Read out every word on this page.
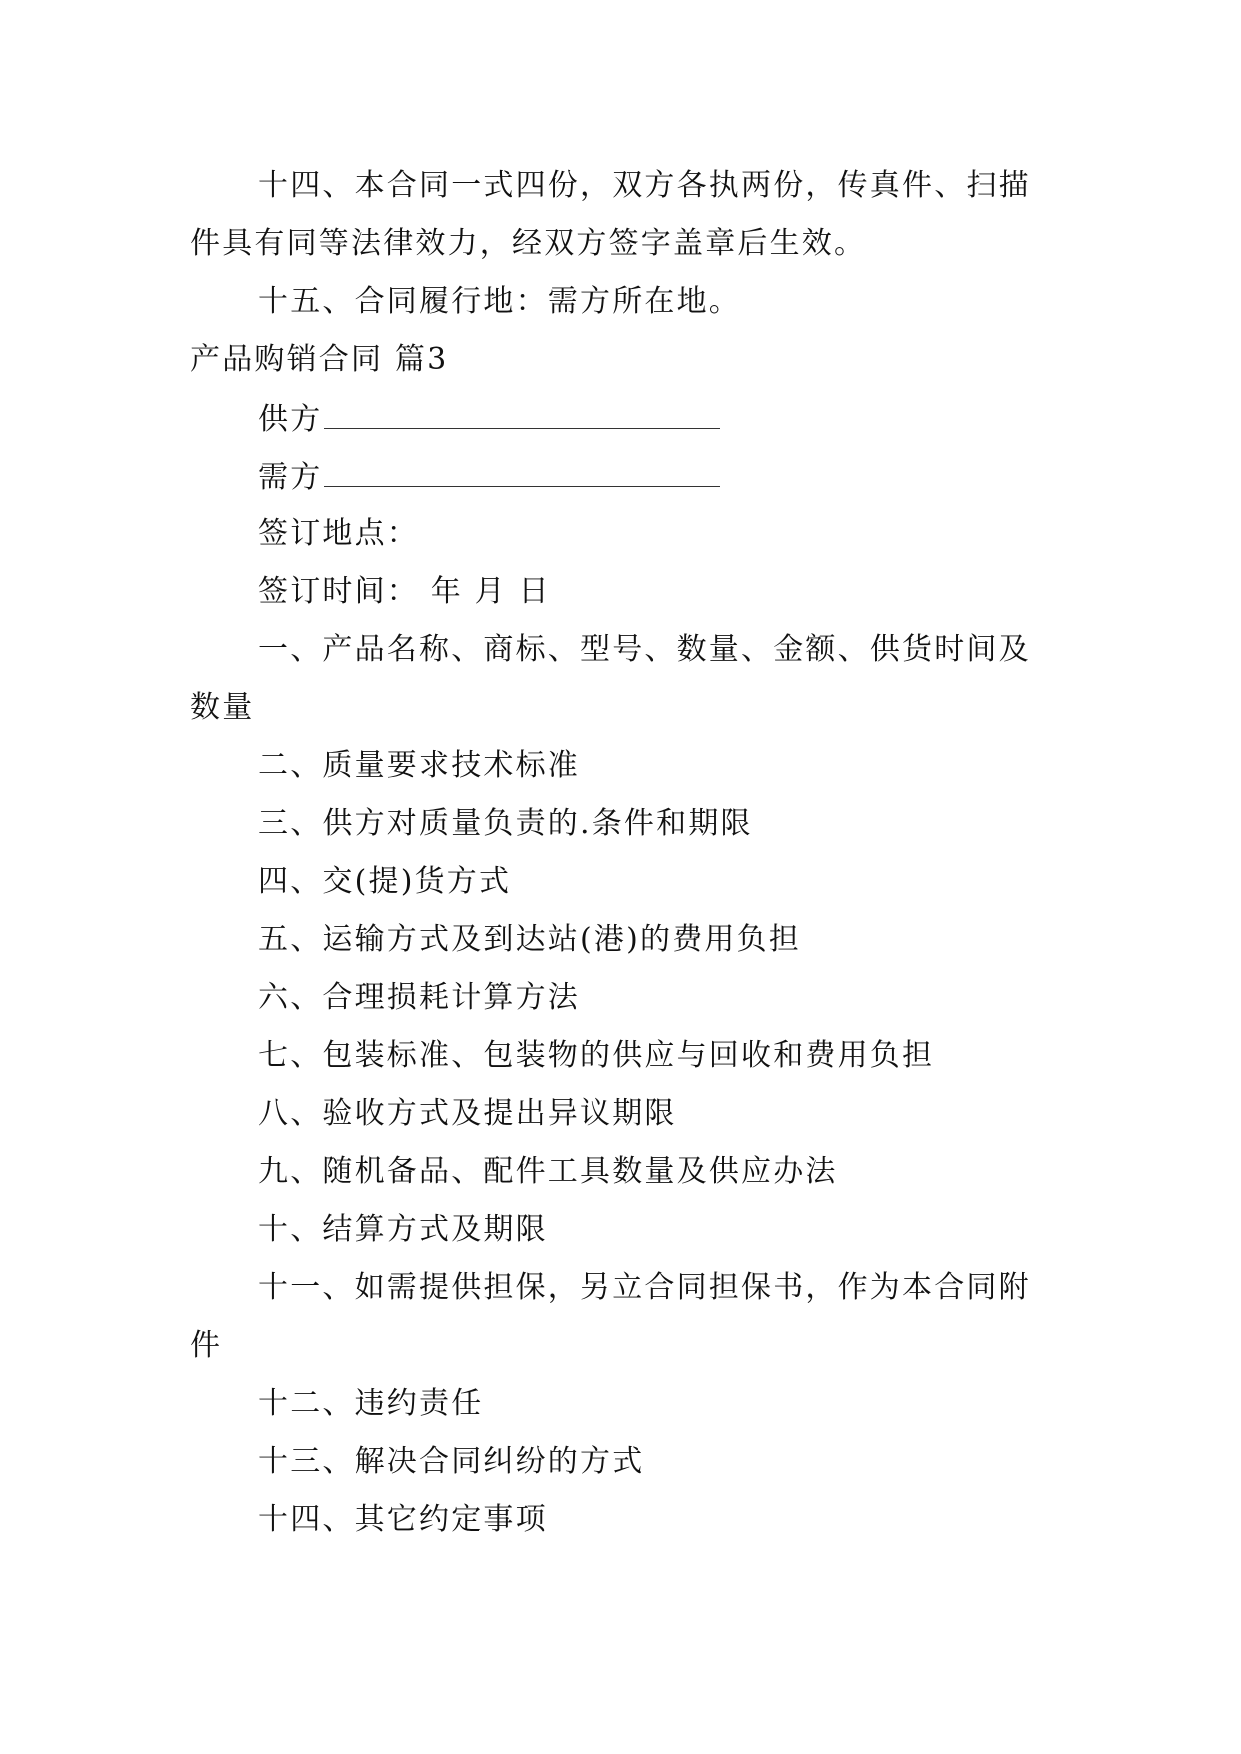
十四、本合同一式四份，双方各执两份，传真件、扫描
件具有同等法律效力，经双方签字盖章后生效。
十五、合同履行地：需方所在地。
产品购销合同 篇3
供方
需方
签订地点：
签订时间： 年 月 日
一、产品名称、商标、型号、数量、金额、供货时间及
数量
二、质量要求技术标准
三、供方对质量负责的.条件和期限
四、交(提)货方式
五、运输方式及到达站(港)的费用负担
六、合理损耗计算方法
七、包装标准、包装物的供应与回收和费用负担
八、验收方式及提出异议期限
九、随机备品、配件工具数量及供应办法
十、结算方式及期限
十一、如需提供担保，另立合同担保书，作为本合同附
件
十二、违约责任
十三、解决合同纠纷的方式
十四、其它约定事项
